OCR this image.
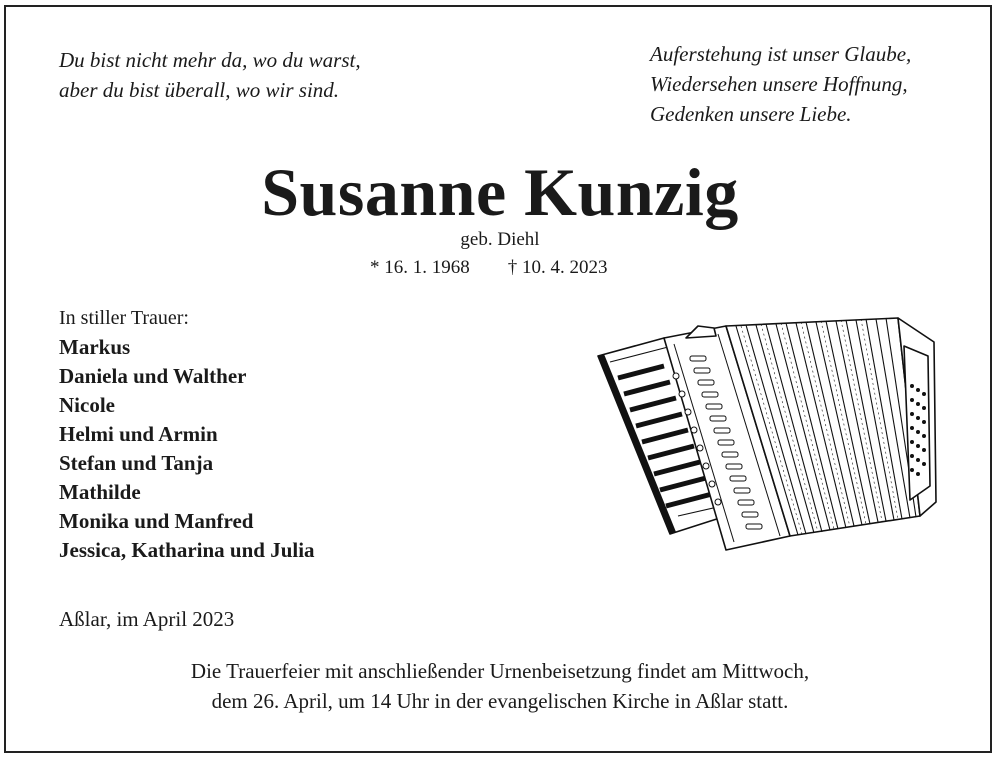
Du bist nicht mehr da, wo du warst,
aber du bist überall, wo wir sind.
Auferstehung ist unser Glaube,
Wiedersehen unsere Hoffnung,
Gedenken unsere Liebe.
Susanne Kunzig
geb. Diehl
* 16. 1. 1968 † 10. 4. 2023
In stiller Trauer:
Markus
Daniela und Walther
Nicole
Helmi und Armin
Stefan und Tanja
Mathilde
Monika und Manfred
Jessica, Katharina und Julia
Aßlar, im April 2023
Die Trauerfeier mit anschließender Urnenbeisetzung findet am Mittwoch,
dem 26. April, um 14 Uhr in der evangelischen Kirche in Aßlar statt.
